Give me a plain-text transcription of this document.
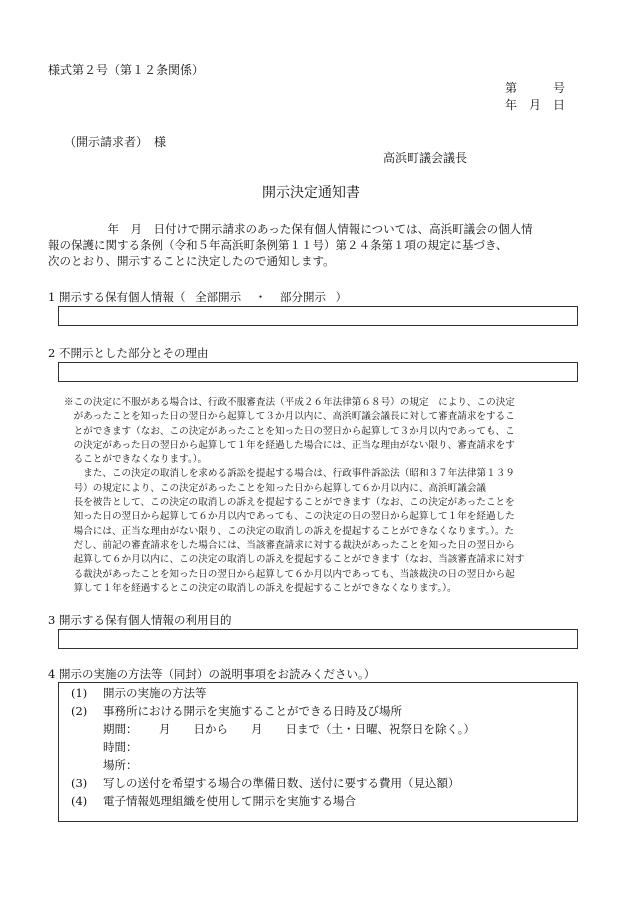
様式第２号（第１２条関係）
第　　　号
年　月　日
（開示請求者）　様
高浜町議会議長
開示決定通知書
　年　月　日付けで開示請求のあった保有個人情報については、高浜町議会の個人情
報の保護に関する条例（令和５年高浜町条例第１１号）第２４条第１項の規定に基づき、
次のとおり、開示することに決定したので通知します。
1 開示する保有個人情報（ 全部開示 ・ 部分開示 ）
2 不開示とした部分とその理由
※この決定に不服がある場合は、行政不服審査法（平成２６年法律第６８号）の規定　により、この決定
　があったことを知った日の翌日から起算して３か月以内に、高浜町議会議長に対して審査請求をするこ
　とができます（なお、この決定があったことを知った日の翌日から起算して３か月以内であっても、こ
　の決定があった日の翌日から起算して１年を経過した場合には、正当な理由がない限り、審査請求をす
　ることができなくなります。）。
　　また、この決定の取消しを求める訴訟を提起する場合は、行政事件訴訟法（昭和３７年法律第１３９
　号）の規定により、この決定があったことを知った日から起算して６か月以内に、高浜町議会議
　長を被告として、この決定の取消しの訴えを提起することができます（なお、この決定があったことを
　知った日の翌日から起算して６か月以内であっても、この決定の日の翌日から起算して１年を経過した
　場合には、正当な理由がない限り、この決定の取消しの訴えを提起することができなくなります。）。た
　だし、前記の審査請求をした場合には、当該審査請求に対する裁決があったことを知った日の翌日から
　起算して６か月以内に、この決定の取消しの訴えを提起することができます（なお、当該審査請求に対す
　る裁決があったことを知った日の翌日から起算して６か月以内であっても、当該裁決の日の翌日から起
　算して１年を経過するとこの決定の取消しの訴えを提起することができなくなります。）。
3 開示する保有個人情報の利用目的
4 開示の実施の方法等（同封）の説明事項をお読みください。）
(1) 開示の実施の方法等
(2) 事務所における開示を実施することができる日時及び場所
期間： 月　　日から　　月　　日まで（土・日曜、祝祭日を除く。）
時間：
場所：
(3) 写しの送付を希望する場合の準備日数、送付に要する費用（見込額）
(4) 電子情報処理組織を使用して開示を実施する場合
